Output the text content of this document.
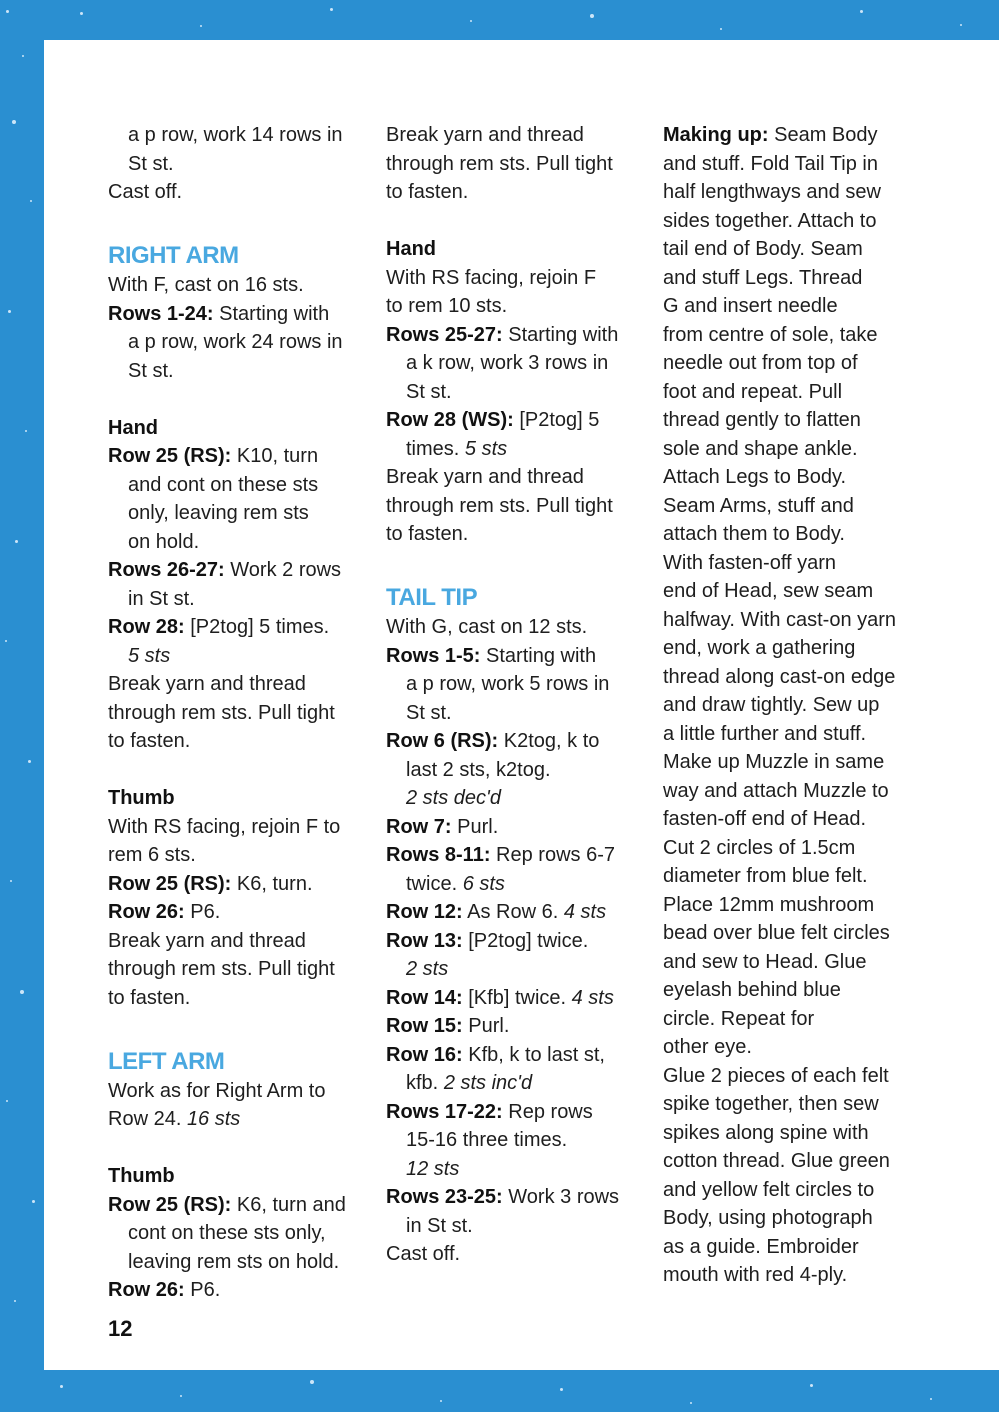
a p row, work 14 rows in

St st.

Cast off.

RIGHT ARM

With F, cast on 16 sts.

Rows 1-24: Starting with

a p row, work 24 rows in

St st.

Hand

Row 25 (RS): K10, turn

and cont on these sts

only, leaving rem sts

on hold.

Rows 26-27: Work 2 rows

in St st.

Row 28: [P2tog] 5 times.

5 sts

Break yarn and thread

through rem sts. Pull tight

to fasten.

Thumb

With RS facing, rejoin F to

rem 6 sts.

Row 25 (RS): K6, turn.

Row 26: P6.

Break yarn and thread

through rem sts. Pull tight

to fasten.

LEFT ARM

Work as for Right Arm to

Row 24. 16 sts

Thumb

Row 25 (RS): K6, turn and

cont on these sts only,

leaving rem sts on hold.

Row 26: P6.

Break yarn and thread

through rem sts. Pull tight

to fasten.

Hand

With RS facing, rejoin F

to rem 10 sts.

Rows 25-27: Starting with

a k row, work 3 rows in

St st.

Row 28 (WS): [P2tog] 5

times. 5 sts

Break yarn and thread

through rem sts. Pull tight

to fasten.

TAIL TIP

With G, cast on 12 sts.

Rows 1-5: Starting with

a p row, work 5 rows in

St st.

Row 6 (RS): K2tog, k to

last 2 sts, k2tog.

2 sts dec'd

Row 7: Purl.

Rows 8-11: Rep rows 6-7

twice. 6 sts

Row 12: As Row 6. 4 sts

Row 13: [P2tog] twice.

2 sts

Row 14: [Kfb] twice. 4 sts

Row 15: Purl.

Row 16: Kfb, k to last st,

kfb. 2 sts inc'd

Rows 17-22: Rep rows

15-16 three times.

12 sts

Rows 23-25: Work 3 rows

in St st.

Cast off.

Making up: Seam Body

and stuff. Fold Tail Tip in

half lengthways and sew

sides together. Attach to

tail end of Body. Seam

and stuff Legs. Thread

G and insert needle

from centre of sole, take

needle out from top of

foot and repeat. Pull

thread gently to flatten

sole and shape ankle.

Attach Legs to Body.

Seam Arms, stuff and

attach them to Body.

With fasten-off yarn

end of Head, sew seam

halfway. With cast-on yarn

end, work a gathering

thread along cast-on edge

and draw tightly. Sew up

a little further and stuff.

Make up Muzzle in same

way and attach Muzzle to

fasten-off end of Head.

Cut 2 circles of 1.5cm

diameter from blue felt.

Place 12mm mushroom

bead over blue felt circles

and sew to Head. Glue

eyelash behind blue

circle. Repeat for

other eye.

Glue 2 pieces of each felt

spike together, then sew

spikes along spine with

cotton thread. Glue green

and yellow felt circles to

Body, using photograph

as a guide. Embroider

mouth with red 4-ply.

12
